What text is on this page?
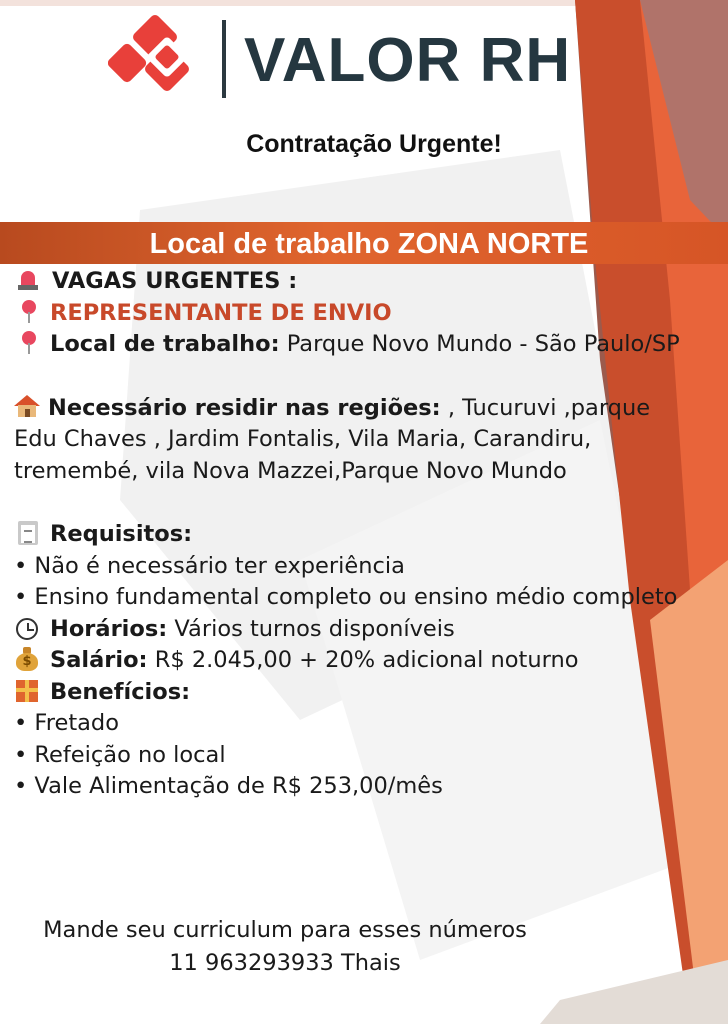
VALOR RH
Contratação Urgente!
Local de trabalho ZONA NORTE
VAGAS URGENTES :
REPRESENTANTE DE ENVIO
Local de trabalho: Parque Novo Mundo - São Paulo/SP
Necessário residir nas regiões: , Tucuruvi ,parque Edu Chaves , Jardim Fontalis, Vila Maria, Carandiru, tremembé, vila Nova Mazzei,Parque Novo Mundo
Requisitos:
• Não é necessário ter experiência
• Ensino fundamental completo ou ensino médio completo
Horários: Vários turnos disponíveis
$ Salário: R$ 2.045,00 + 20% adicional noturno
Benefícios:
• Fretado
• Refeição no local
• Vale Alimentação de R$ 253,00/mês
Mande seu curriculum para esses números
11 963293933 Thais
